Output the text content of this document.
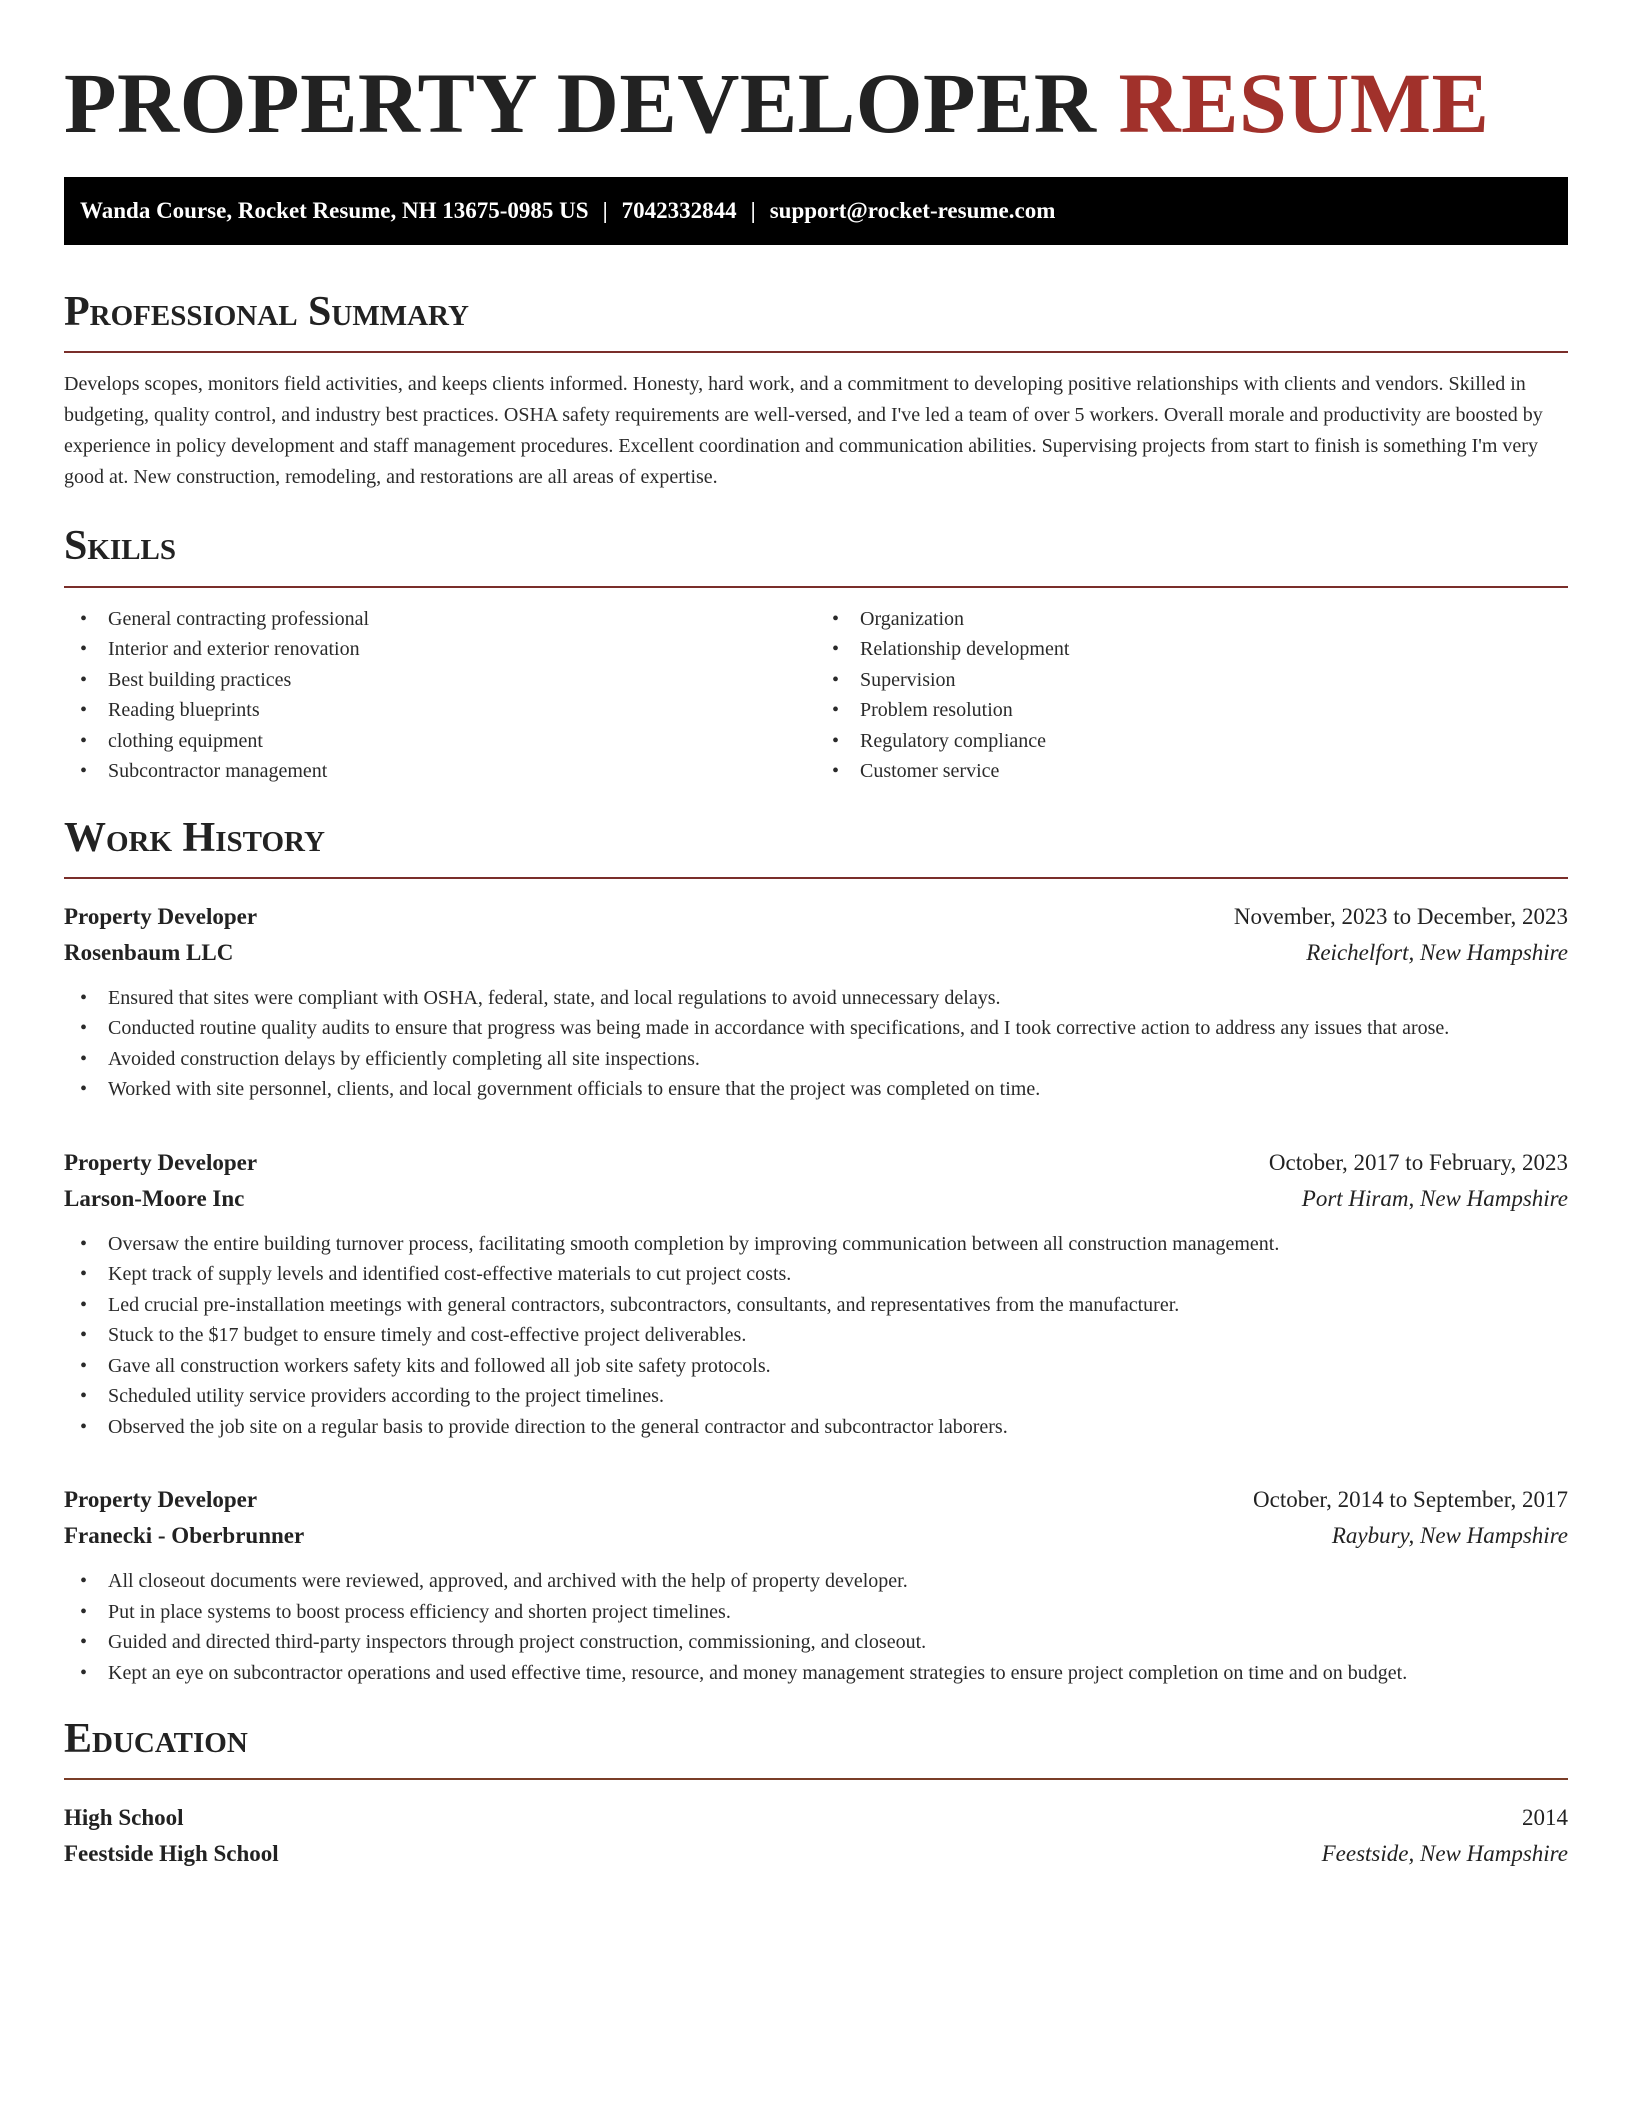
PROPERTY DEVELOPER RESUME
Wanda Course, Rocket Resume, NH 13675-0985 US | 7042332844 | support@rocket-resume.com
Professional Summary

Develops scopes, monitors field activities, and keeps clients informed. Honesty, hard work, and a commitment to developing positive relationships with clients and vendors. Skilled in budgeting, quality control, and industry best practices. OSHA safety requirements are well-versed, and I've led a team of over 5 workers. Overall morale and productivity are boosted by experience in policy development and staff management procedures. Excellent coordination and communication abilities. Supervising projects from start to finish is something I'm very good at. New construction, remodeling, and restorations are all areas of expertise.

Skills
• General contracting professional
• Interior and exterior renovation
• Best building practices
• Reading blueprints
• clothing equipment
• Subcontractor management
• Organization
• Relationship development
• Supervision
• Problem resolution
• Regulatory compliance
• Customer service
Work History
Property Developer	November, 2023 to December, 2023
Rosenbaum LLC	Reichelfort, New Hampshire
• Ensured that sites were compliant with OSHA, federal, state, and local regulations to avoid unnecessary delays.
• Conducted routine quality audits to ensure that progress was being made in accordance with specifications, and I took corrective action to address any issues that arose.
• Avoided construction delays by efficiently completing all site inspections.
• Worked with site personnel, clients, and local government officials to ensure that the project was completed on time.
Property Developer	October, 2017 to February, 2023
Larson-Moore Inc	Port Hiram, New Hampshire
• Oversaw the entire building turnover process, facilitating smooth completion by improving communication between all construction management.
• Kept track of supply levels and identified cost-effective materials to cut project costs.
• Led crucial pre-installation meetings with general contractors, subcontractors, consultants, and representatives from the manufacturer.
• Stuck to the $17 budget to ensure timely and cost-effective project deliverables.
• Gave all construction workers safety kits and followed all job site safety protocols.
• Scheduled utility service providers according to the project timelines.
• Observed the job site on a regular basis to provide direction to the general contractor and subcontractor laborers.
Property Developer	October, 2014 to September, 2017
Franecki - Oberbrunner	Raybury, New Hampshire
• All closeout documents were reviewed, approved, and archived with the help of property developer.
• Put in place systems to boost process efficiency and shorten project timelines.
• Guided and directed third-party inspectors through project construction, commissioning, and closeout.
• Kept an eye on subcontractor operations and used effective time, resource, and money management strategies to ensure project completion on time and on budget.
Education
High School	2014
Feestside High School	Feestside, New Hampshire
